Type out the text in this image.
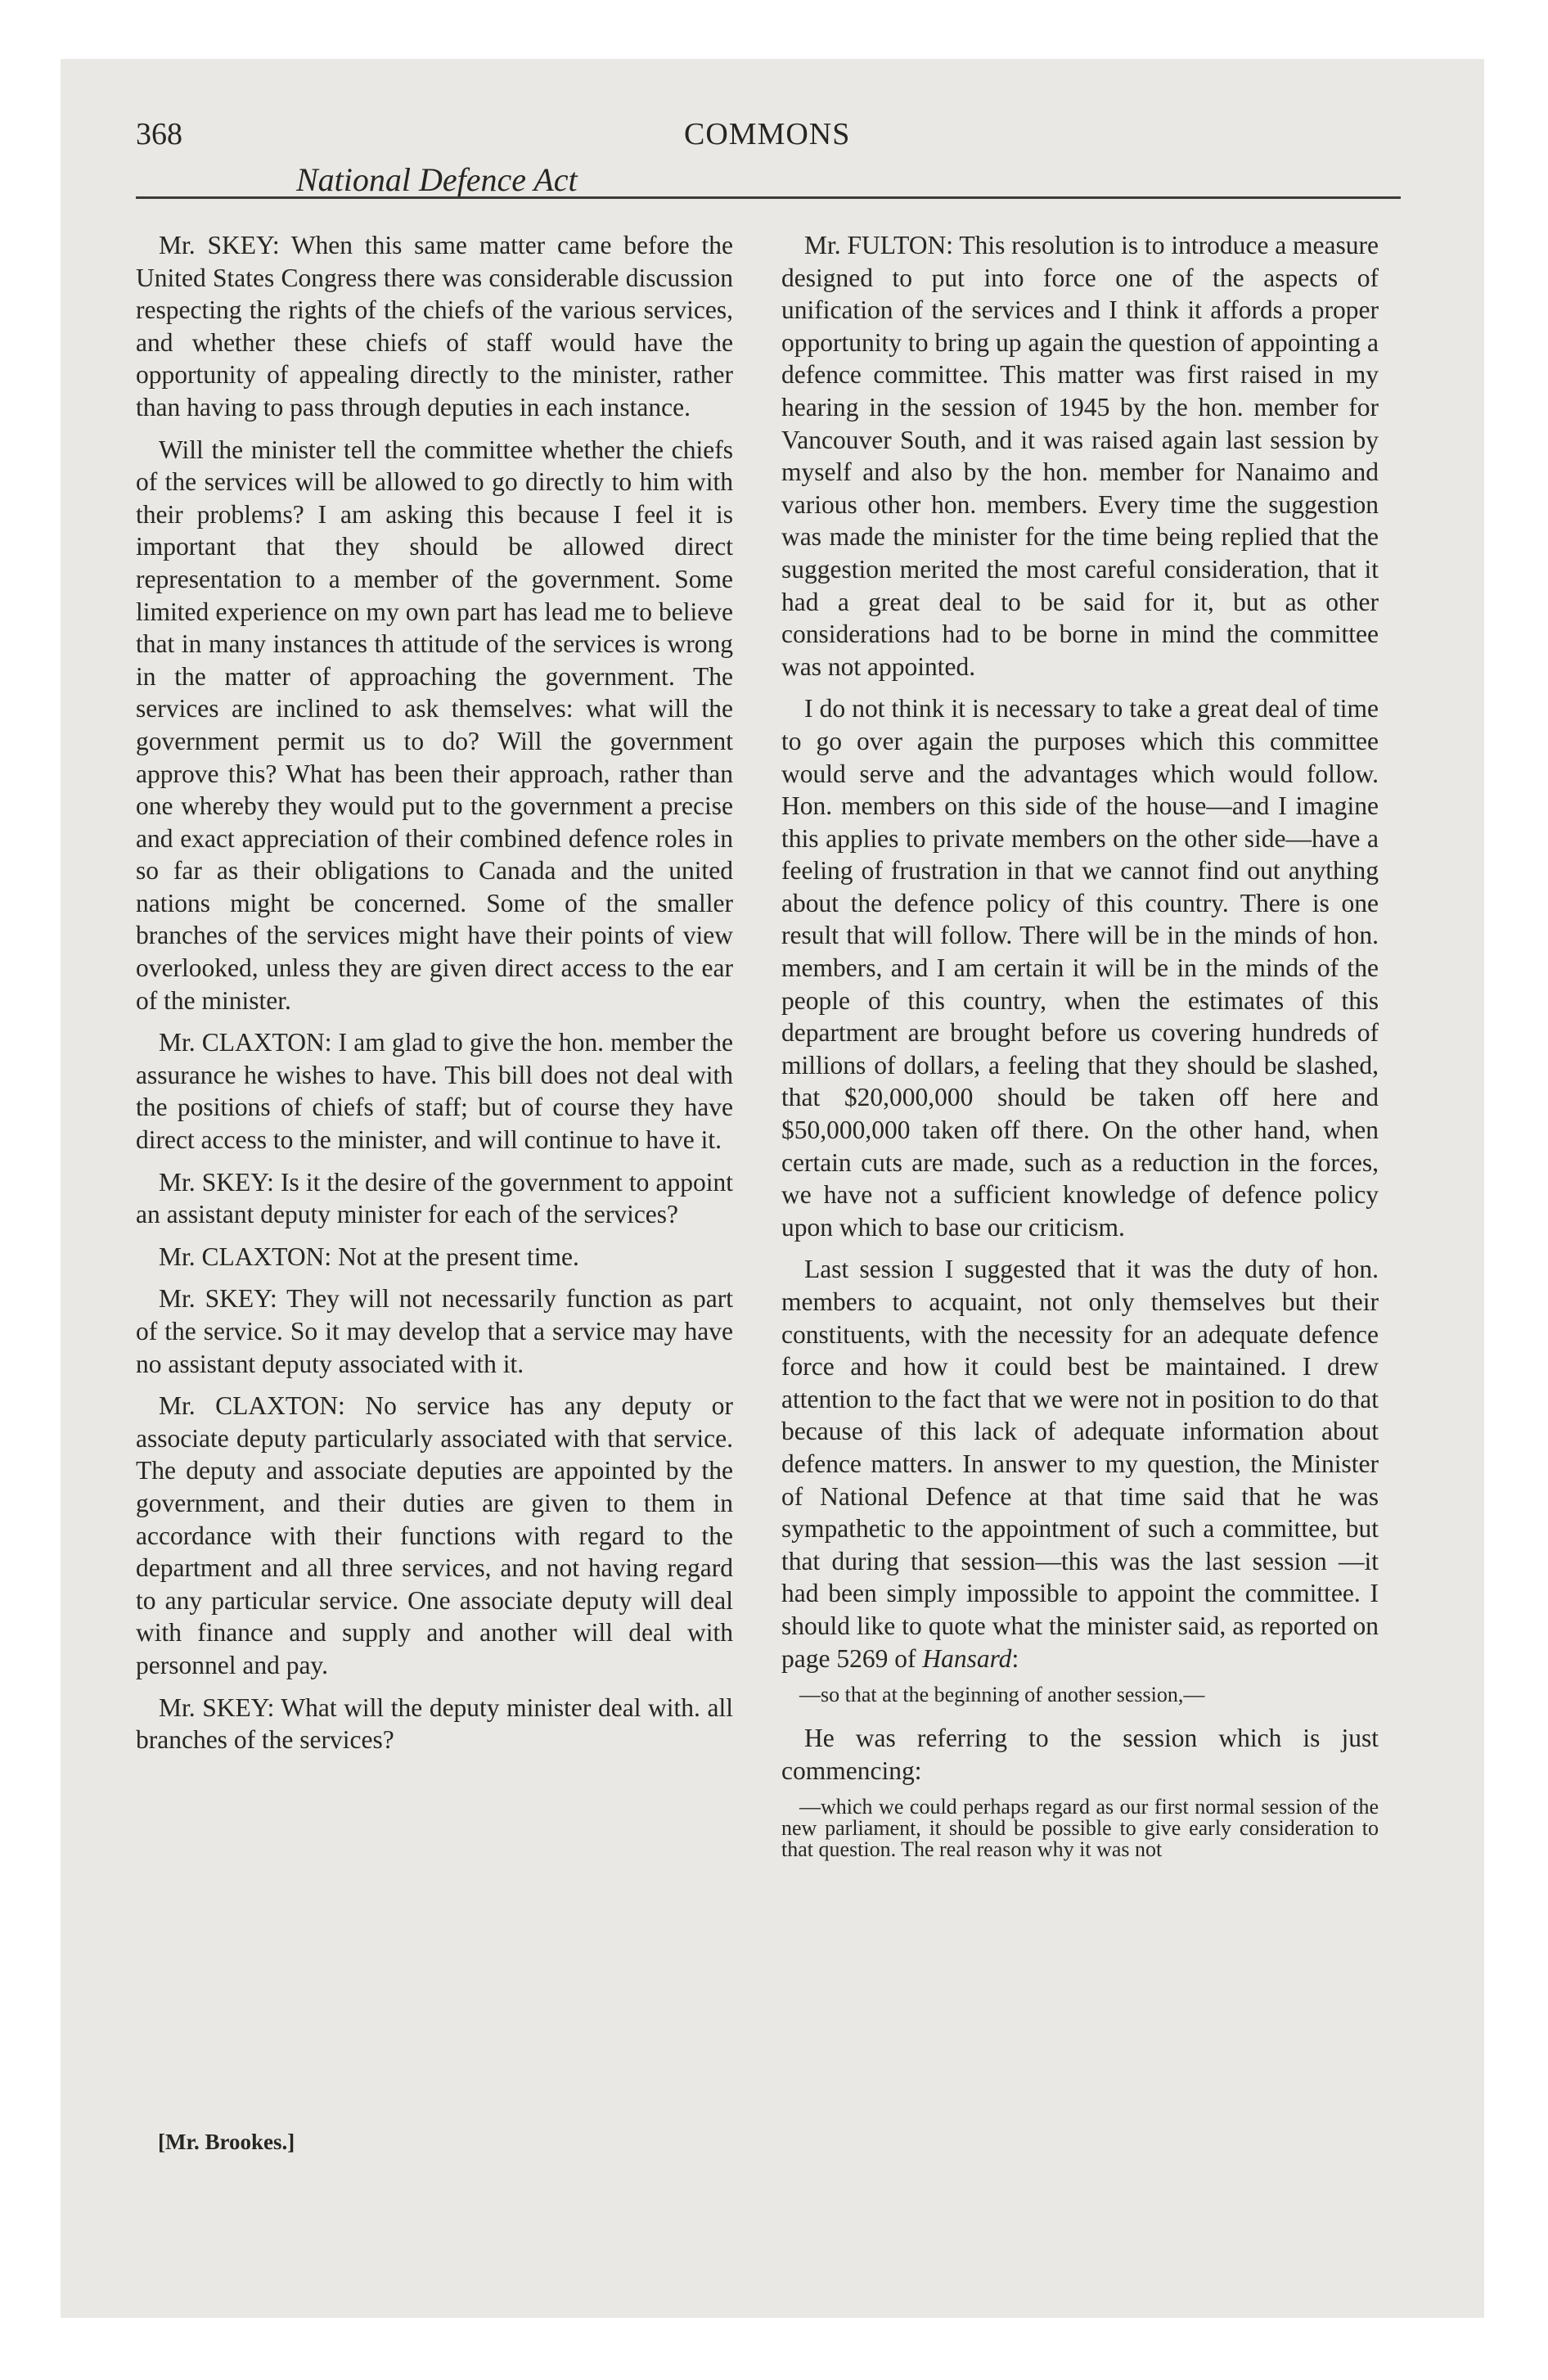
368	COMMONS
National Defence Act

Mr. SKEY: When this same matter came before the United States Congress there was considerable discussion respecting the rights of the chiefs of the various services, and whether these chiefs of staff would have the opportunity of appealing directly to the minister, rather than having to pass through deputies in each instance.

Will the minister tell the committee whether the chiefs of the services will be allowed to go directly to him with their problems? I am asking this because I feel it is important that they should be allowed direct representation to a member of the government. Some limited experience on my own part has lead me to believe that in many instances th attitude of the services is wrong in the matter of approaching the government. The services are inclined to ask themselves: what will the government permit us to do? Will the government approve this? What has been their approach, rather than one whereby they would put to the government a precise and exact appreciation of their combined defence roles in so far as their obligations to Canada and the united nations might be concerned. Some of the smaller branches of the services might have their points of view overlooked, unless they are given direct access to the ear of the minister.

Mr. CLAXTON: I am glad to give the hon. member the assurance he wishes to have. This bill does not deal with the positions of chiefs of staff; but of course they have direct access to the minister, and will continue to have it.

Mr. SKEY: Is it the desire of the government to appoint an assistant deputy minister for each of the services?

Mr. CLAXTON: Not at the present time.

Mr. SKEY: They will not necessarily function as part of the service. So it may develop that a service may have no assistant deputy associated with it.

Mr. CLAXTON: No service has any deputy or associate deputy particularly associated with that service. The deputy and associate deputies are appointed by the government, and their duties are given to them in accordance with their functions with regard to the department and all three services, and not having regard to any particular service. One associate deputy will deal with finance and supply and another will deal with personnel and pay.

Mr. SKEY: What will the deputy minister deal with. all branches of the services?

[Mr. Brookes.]

Mr. FULTON: This resolution is to introduce a measure designed to put into force one of the aspects of unification of the services and I think it affords a proper opportunity to bring up again the question of appointing a defence committee. This matter was first raised in my hearing in the session of 1945 by the hon. member for Vancouver South, and it was raised again last session by myself and also by the hon. member for Nanaimo and various other hon. members. Every time the suggestion was made the minister for the time being replied that the suggestion merited the most careful consideration, that it had a great deal to be said for it, but as other considerations had to be borne in mind the committee was not appointed.

I do not think it is necessary to take a great deal of time to go over again the purposes which this committee would serve and the advantages which would follow. Hon. members on this side of the house—and I imagine this applies to private members on the other side—have a feeling of frustration in that we cannot find out anything about the defence policy of this country. There is one result that will follow. There will be in the minds of hon. members, and I am certain it will be in the minds of the people of this country, when the estimates of this department are brought before us covering hundreds of millions of dollars, a feeling that they should be slashed, that $20,000,000 should be taken off here and $50,000,000 taken off there. On the other hand, when certain cuts are made, such as a reduction in the forces, we have not a sufficient knowledge of defence policy upon which to base our criticism.

Last session I suggested that it was the duty of hon. members to acquaint, not only themselves but their constituents, with the necessity for an adequate defence force and how it could best be maintained. I drew attention to the fact that we were not in position to do that because of this lack of adequate information about defence matters. In answer to my question, the Minister of National Defence at that time said that he was sympathetic to the appointment of such a committee, but that during that session—this was the last session —it had been simply impossible to appoint the committee. I should like to quote what the minister said, as reported on page 5269 of Hansard:

—so that at the beginning of another session,—

He was referring to the session which is just commencing:

—which we could perhaps regard as our first normal session of the new parliament, it should be possible to give early consideration to that question. The real reason why it was not
